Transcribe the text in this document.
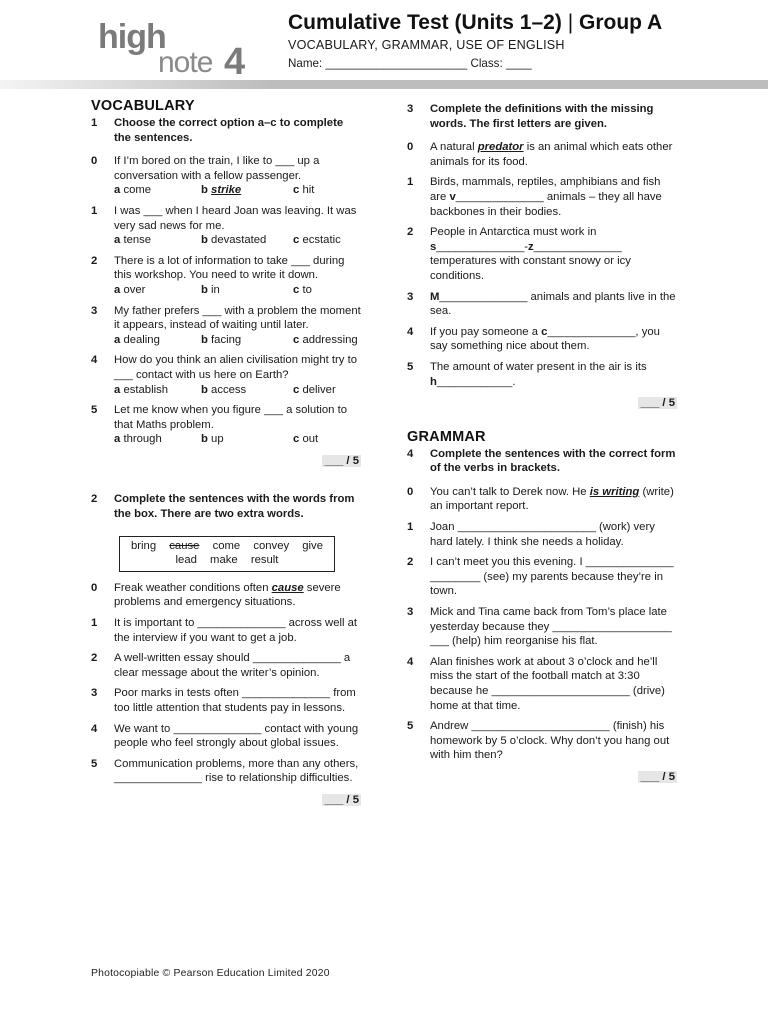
high
note 4
Cumulative Test (Units 1–2) | Group A
VOCABULARY, GRAMMAR, USE OF ENGLISH
Name: ______________________ Class: ____
VOCABULARY
1	Choose the correct option a–c to complete the sentences.
0	If I’m bored on the train, I like to ___ up a conversation with a fellow passenger.
a come	b strike	c hit
1	I was ___ when I heard Joan was leaving. It was very sad news for me.
a tense	b devastated	c ecstatic
2	There is a lot of information to take ___ during this workshop. You need to write it down.
a over	b in	c to
3	My father prefers ___ with a problem the moment it appears, instead of waiting until later.
a dealing	b facing	c addressing
4	How do you think an alien civilisation might try to ___ contact with us here on Earth?
a establish	b access	c deliver
5	Let me know when you figure ___ a solution to that Maths problem.
a through	b up	c out
___ / 5
2	Complete the sentences with the words from the box. There are two extra words.
bring cause come convey give
lead make result
0	Freak weather conditions often cause severe problems and emergency situations.
1	It is important to ______________ across well at the interview if you want to get a job.
2	A well-written essay should ______________ a clear message about the writer’s opinion.
3	Poor marks in tests often ______________ from too little attention that students pay in lessons.
4	We want to ______________ contact with young people who feel strongly about global issues.
5	Communication problems, more than any others, ______________ rise to relationship difficulties.
___ / 5
3	Complete the definitions with the missing words. The first letters are given.
0	A natural predator is an animal which eats other animals for its food.
1	Birds, mammals, reptiles, amphibians and fish are v______________ animals – they all have backbones in their bodies.
2	People in Antarctica must work in
s______________-z______________ temperatures with constant snowy or icy conditions.
3	M______________ animals and plants live in the sea.
4	If you pay someone a c______________, you say something nice about them.
5	The amount of water present in the air is its
h____________.
___ / 5
GRAMMAR
4	Complete the sentences with the correct form of the verbs in brackets.
0	You can’t talk to Derek now. He is writing (write) an important report.
1	Joan ______________________ (work) very hard lately. I think she needs a holiday.
2	I can’t meet you this evening. I ______________ ________ (see) my parents because they’re in town.
3	Mick and Tina came back from Tom’s place late yesterday because they ___________________ ___ (help) him reorganise his flat.
4	Alan finishes work at about 3 o’clock and he’ll miss the start of the football match at 3:30 because he ______________________ (drive) home at that time.
5	Andrew ______________________ (finish) his homework by 5 o’clock. Why don’t you hang out with him then?
___ / 5
Photocopiable © Pearson Education Limited 2020
